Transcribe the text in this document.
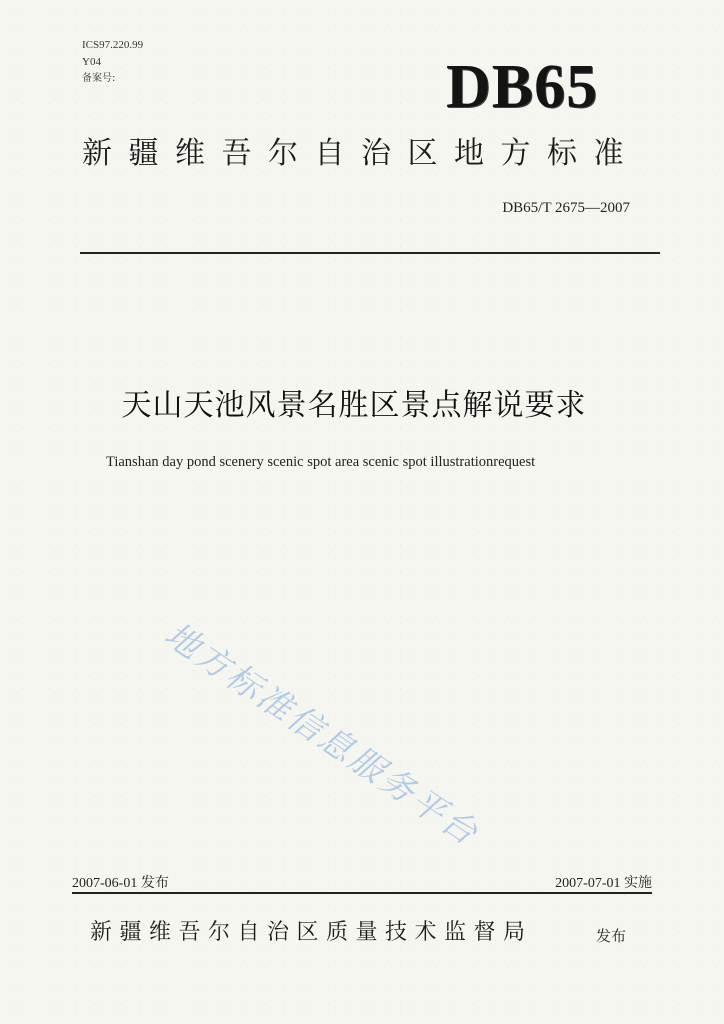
ICS97.220.99
Y04
备案号:	DB65
新疆维吾尔自治区地方标准
DB65/T 2675—2007
天山天池风景名胜区景点解说要求
Tianshan day pond scenery scenic spot area scenic spot illustrationrequest
地方标准信息服务平台
2007-06-01 发布	2007-07-01 实施
新疆维吾尔自治区质量技术监督局	发布
